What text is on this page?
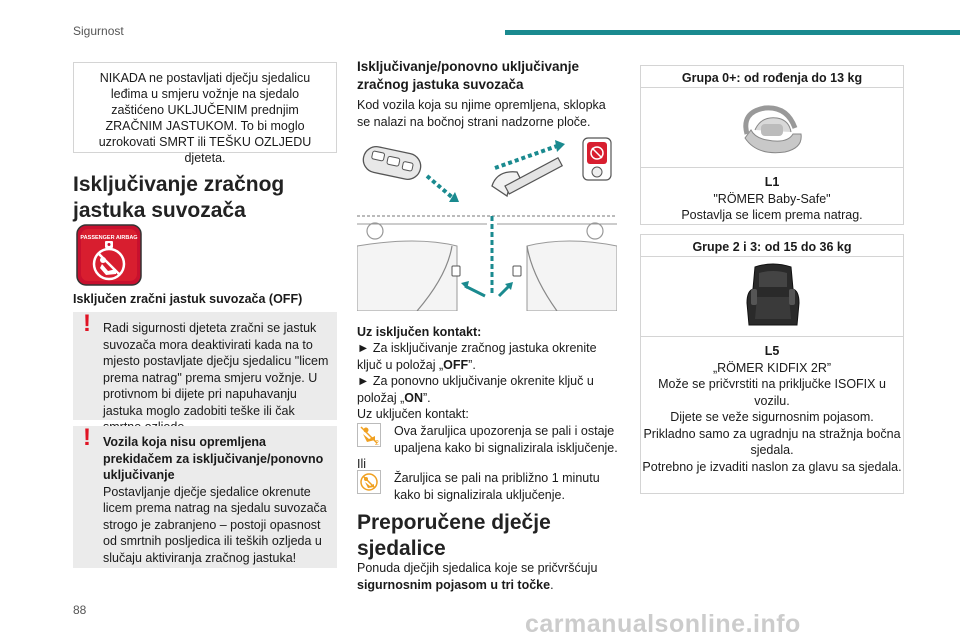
Sigurnost
NIKADA ne postavljati dječju sjedalicu leđima u smjeru vožnje na sjedalo zaštićeno UKLJUČENIM prednjim ZRAČNIM JASTUKOM. To bi moglo uzrokovati SMRT ili TEŠKU OZLJEDU djeteta.
Isključivanje zračnog jastuka suvozača
PASSENGER AIRBAG
Isključen zračni jastuk suvozača (OFF)
! Radi sigurnosti djeteta zračni se jastuk suvozača mora deaktivirati kada na to mjesto postavljate dječju sjedalicu "licem prema natrag" prema smjeru vožnje. U protivnom bi dijete pri napuhavanju jastuka moglo zadobiti teške ili čak
! Vozila koja nisu opremljena prekidačem za isključivanje/ponovno uključivanje
Postavljanje dječje sjedalice okrenute licem prema natrag na sjedalu suvozača strogo je zabranjeno – postoji opasnost od smrtnih posljedica ili teških ozljeda u slučaju aktiviranja zračnog jastuka!
Isključivanje/ponovno uključivanje zračnog jastuka suvozača
Kod vozila koja su njime opremljena, sklopka se nalazi na bočnoj strani nadzorne ploče.
Uz isključen kontakt:
► Za isključivanje zračnog jastuka okrenite ključ u položaj „OFF”.
► Za ponovno uključivanje okrenite ključ u položaj „ON”.
Uz uključen kontakt:
2
Ova žaruljica upozorenja se pali i ostaje upaljena kako bi signalizirala isključenje.
Ili
Žaruljica se pali na približno 1 minutu kako bi signalizirala uključenje.
Preporučene dječje sjedalice
Ponuda dječjih sjedalica koje se pričvršćuju sigurnosnim pojasom u tri točke.
Grupa 0+: od rođenja do 13 kg
L1
"RÖMER Baby-Safe"
Postavlja se licem prema natrag.
Grupe 2 i 3: od 15 do 36 kg
L5
„RÖMER KIDFIX 2R”
Može se pričvrstiti na priključke ISOFIX u vozilu.
Dijete se veže sigurnosnim pojasom.
Prikladno samo za ugradnju na stražnja bočna sjedala.
Potrebno je izvaditi naslon za glavu sa sjedala.
88	carmanualsonline.info
